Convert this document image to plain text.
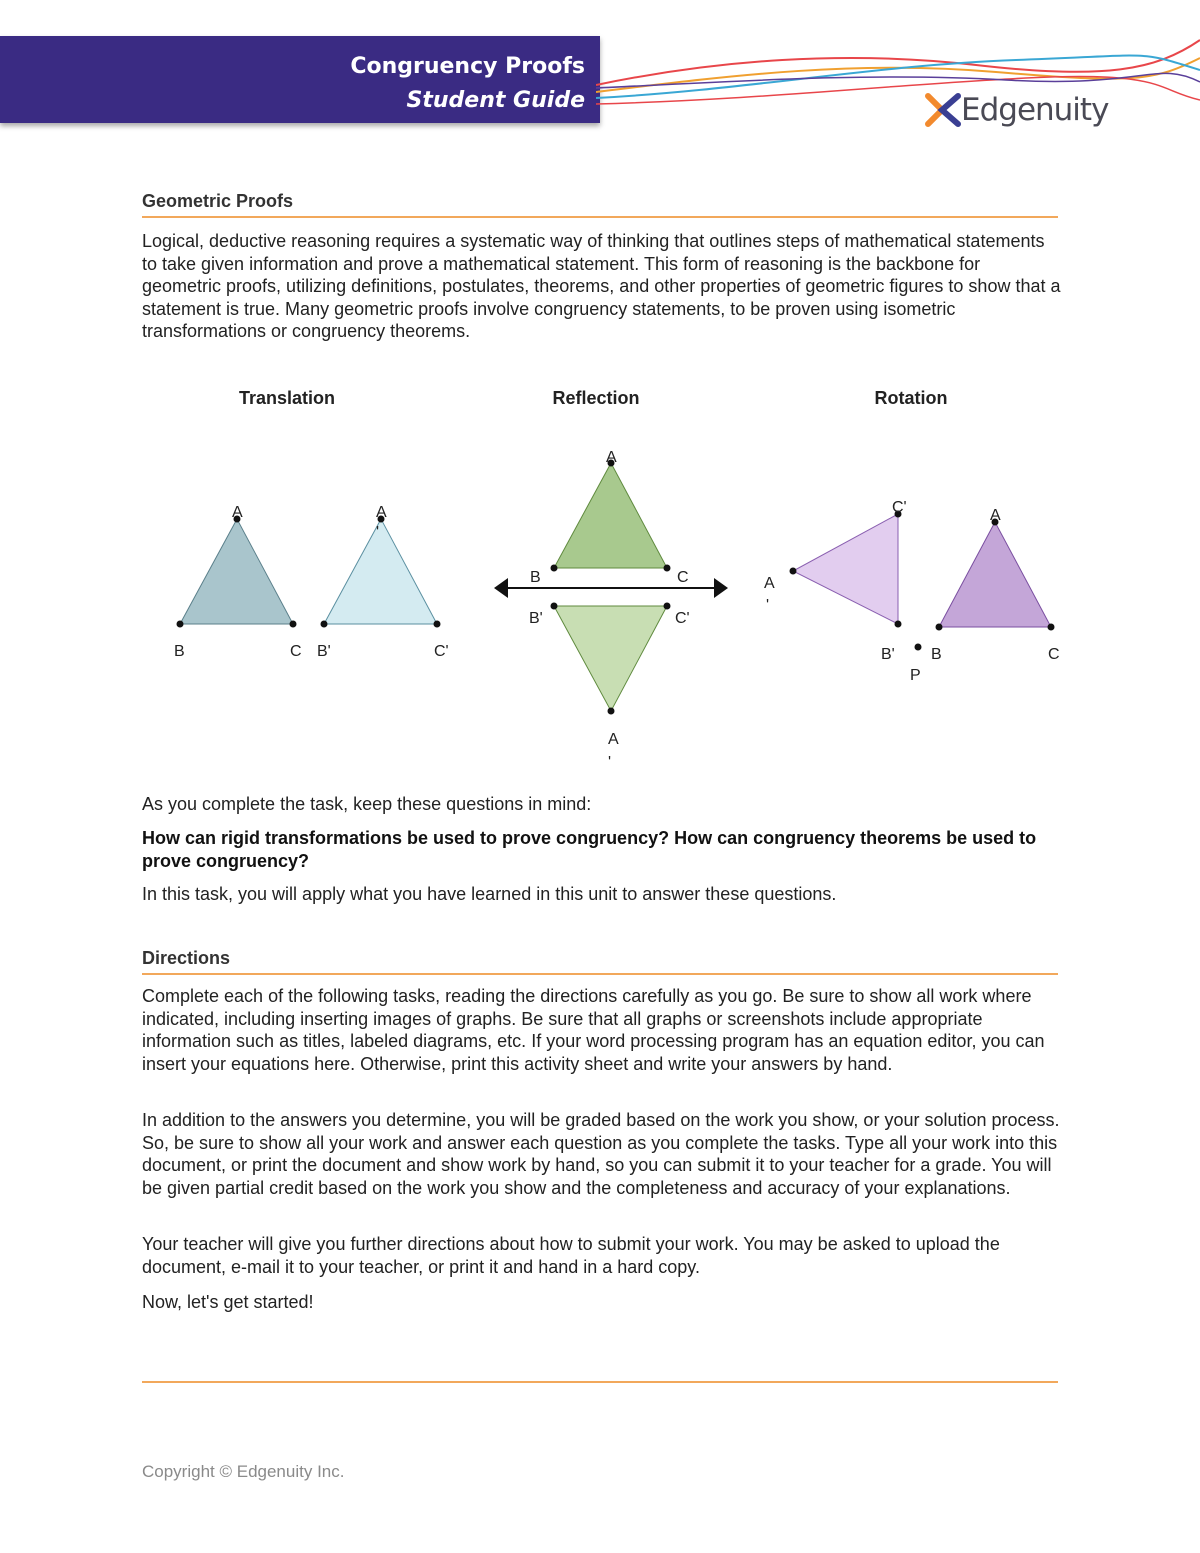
Congruency Proofs
Student Guide	Edgenuity
Geometric Proofs

Logical, deductive reasoning requires a systematic way of thinking that outlines steps of mathematical statements to take given information and prove a mathematical statement. This form of reasoning is the backbone for geometric proofs, utilizing definitions, postulates, theorems, and other properties of geometric figures to show that a statement is true. Many geometric proofs involve congruency statements, to be proven using isometric transformations or congruency theorems.

Translation	Reflection	Rotation
A
B	C
A
'
B'	C'
A
B	C
B'	C'
A
'
C'
A
'
B'
A
B	C
P

As you complete the task, keep these questions in mind:

How can rigid transformations be used to prove congruency? How can congruency theorems be used to prove congruency?

In this task, you will apply what you have learned in this unit to answer these questions.

Directions

Complete each of the following tasks, reading the directions carefully as you go. Be sure to show all work where indicated, including inserting images of graphs. Be sure that all graphs or screenshots include appropriate information such as titles, labeled diagrams, etc. If your word processing program has an equation editor, you can insert your equations here. Otherwise, print this activity sheet and write your answers by hand.

In addition to the answers you determine, you will be graded based on the work you show, or your solution process. So, be sure to show all your work and answer each question as you complete the tasks. Type all your work into this document, or print the document and show work by hand, so you can submit it to your teacher for a grade. You will be given partial credit based on the work you show and the completeness and accuracy of your explanations.

Your teacher will give you further directions about how to submit your work. You may be asked to upload the document, e-mail it to your teacher, or print it and hand in a hard copy.

Now, let's get started!

Copyright © Edgenuity Inc.
